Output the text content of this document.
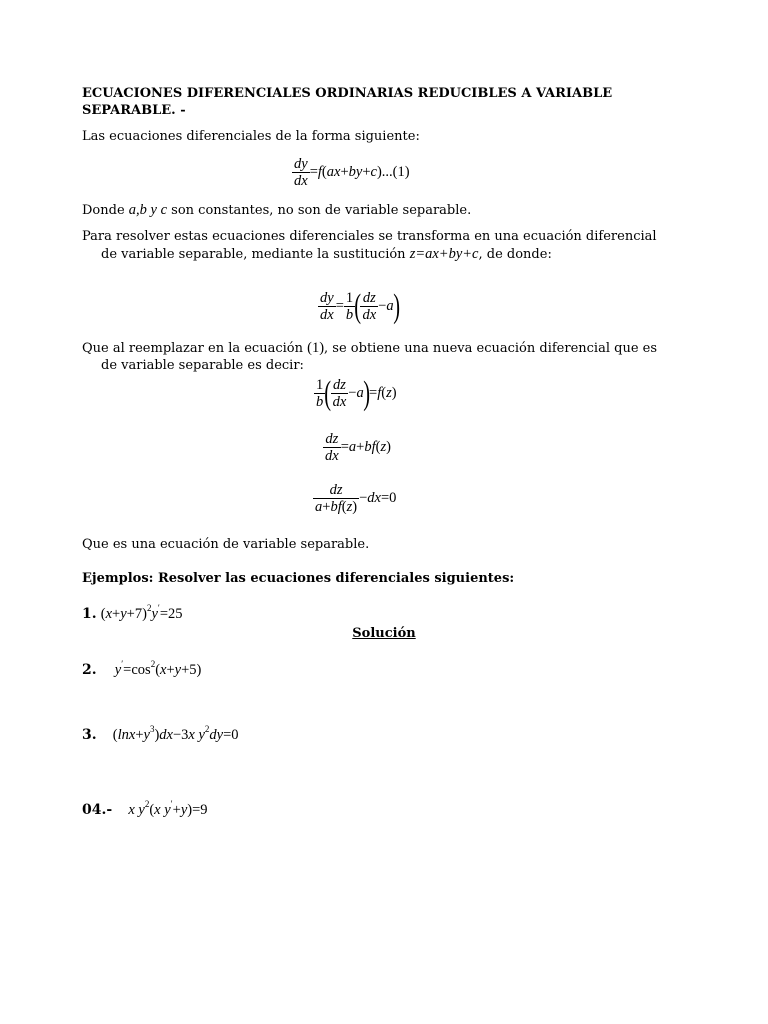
ECUACIONES DIFERENCIALES ORDINARIAS REDUCIBLES A VARIABLE
SEPARABLE. -
Las ecuaciones diferenciales de la forma siguiente:
$\frac{dy}{dx} =f(ax+by+c)...(1)$
Donde a,b y c son constantes, no son de variable separable.
Para resolver estas ecuaciones diferenciales se transforma en una ecuación diferencial de variable separable, mediante la sustitución z=ax+by+c, de donde:
$\frac{dy}{dx} = \frac{1}{b}$ ( $\frac{dz}{dx} -a$)
Que al reemplazar en la ecuación (1), se obtiene una nueva ecuación diferencial que es de variable separable es decir:
$\frac{1}{b}$ ( $\frac{dz}{dx} -a)=f(z)$
$\frac{dz}{dx} =a+bf(z)$
$\frac{dz}{a+bf(z)} -dx=0$
Que es una ecuación de variable separable.
Ejemplos: Resolver las ecuaciones diferenciales siguientes:
1. $(x+y+7)^2y'=25$
Solución
2. $y'=\cos^2(x+y+5)$
3. $(\ln x+y^3)dx-3x$ $y^2dy=0$
04.- x $y^2(x$ y′+y)=9
